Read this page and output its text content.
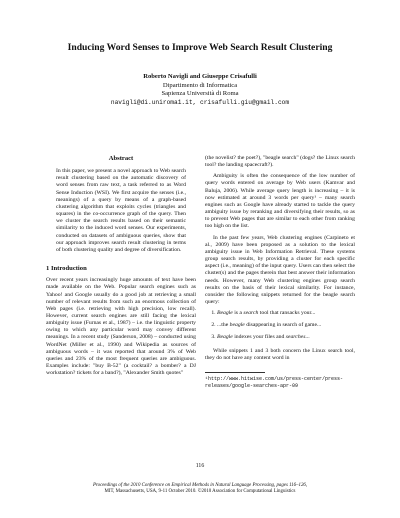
Inducing Word Senses to Improve Web Search Result Clustering
Roberto Navigli and Giuseppe Crisafulli
Dipartimento di Informatica
Sapienza Università di Roma
navigli@di.uniroma1.it, crisafulli.giu@gmail.com
Abstract

In this paper, we present a novel approach to Web search result clustering based on the automatic discovery of word senses from raw text, a task referred to as Word Sense Induction (WSI). We first acquire the senses (i.e., meanings) of a query by means of a graph-based clustering algorithm that exploits cycles (triangles and squares) in the co-occurrence graph of the query. Then we cluster the search results based on their semantic similarity to the induced word senses. Our experiments, conducted on datasets of ambiguous queries, show that our approach improves search result clustering in terms of both clustering quality and degree of diversification.

1 Introduction

Over recent years increasingly huge amounts of text have been made available on the Web. Popular search engines such as Yahoo! and Google usually do a good job at retrieving a small number of relevant results from such an enormous collection of Web pages (i.e. retrieving with high precision, low recall). However, current search engines are still facing the lexical ambiguity issue (Furnas et al., 1987) – i.e. the linguistic property owing to which any particular word may convey different meanings. In a recent study (Sanderson, 2008) – conducted using WordNet (Miller et al., 1990) and Wikipedia as sources of ambiguous words – it was reported that around 3% of Web queries and 23% of the most frequent queries are ambiguous. Examples include: "buy B-52" (a cocktail? a bomber? a DJ workstation? tickets for a band?), "Alexander Smith quotes"

(the novelist? the poet?), "beagle search" (dogs? the Linux search tool? the landing spacecraft?).

Ambiguity is often the consequence of the low number of query words entered on average by Web users (Kamvar and Baluja, 2006). While average query length is increasing – it is now estimated at around 3 words per query¹ – many search engines such as Google have already started to tackle the query ambiguity issue by reranking and diversifying their results, so as to prevent Web pages that are similar to each other from ranking too high on the list.

In the past few years, Web clustering engines (Carpineto et al., 2009) have been proposed as a solution to the lexical ambiguity issue in Web Information Retrieval. These systems group search results, by providing a cluster for each specific aspect (i.e., meaning) of the input query. Users can then select the cluster(s) and the pages therein that best answer their information needs. However, many Web clustering engines group search results on the basis of their lexical similarity. For instance, consider the following snippets returned for the beagle search query:

1. Beagle is a search tool that ransacks your...
2. ...the beagle disappearing in search of game...
3. Beagle indexes your files and searches...

While snippets 1 and 3 both concern the Linux search tool, they do not have any content word in

¹http://www.hitwise.com/us/press-center/press-releases/google-searches-apr-09
116
Proceedings of the 2010 Conference on Empirical Methods in Natural Language Processing, pages 116–126,
MIT, Massachusetts, USA, 9-11 October 2010. ©2010 Association for Computational Linguistics
